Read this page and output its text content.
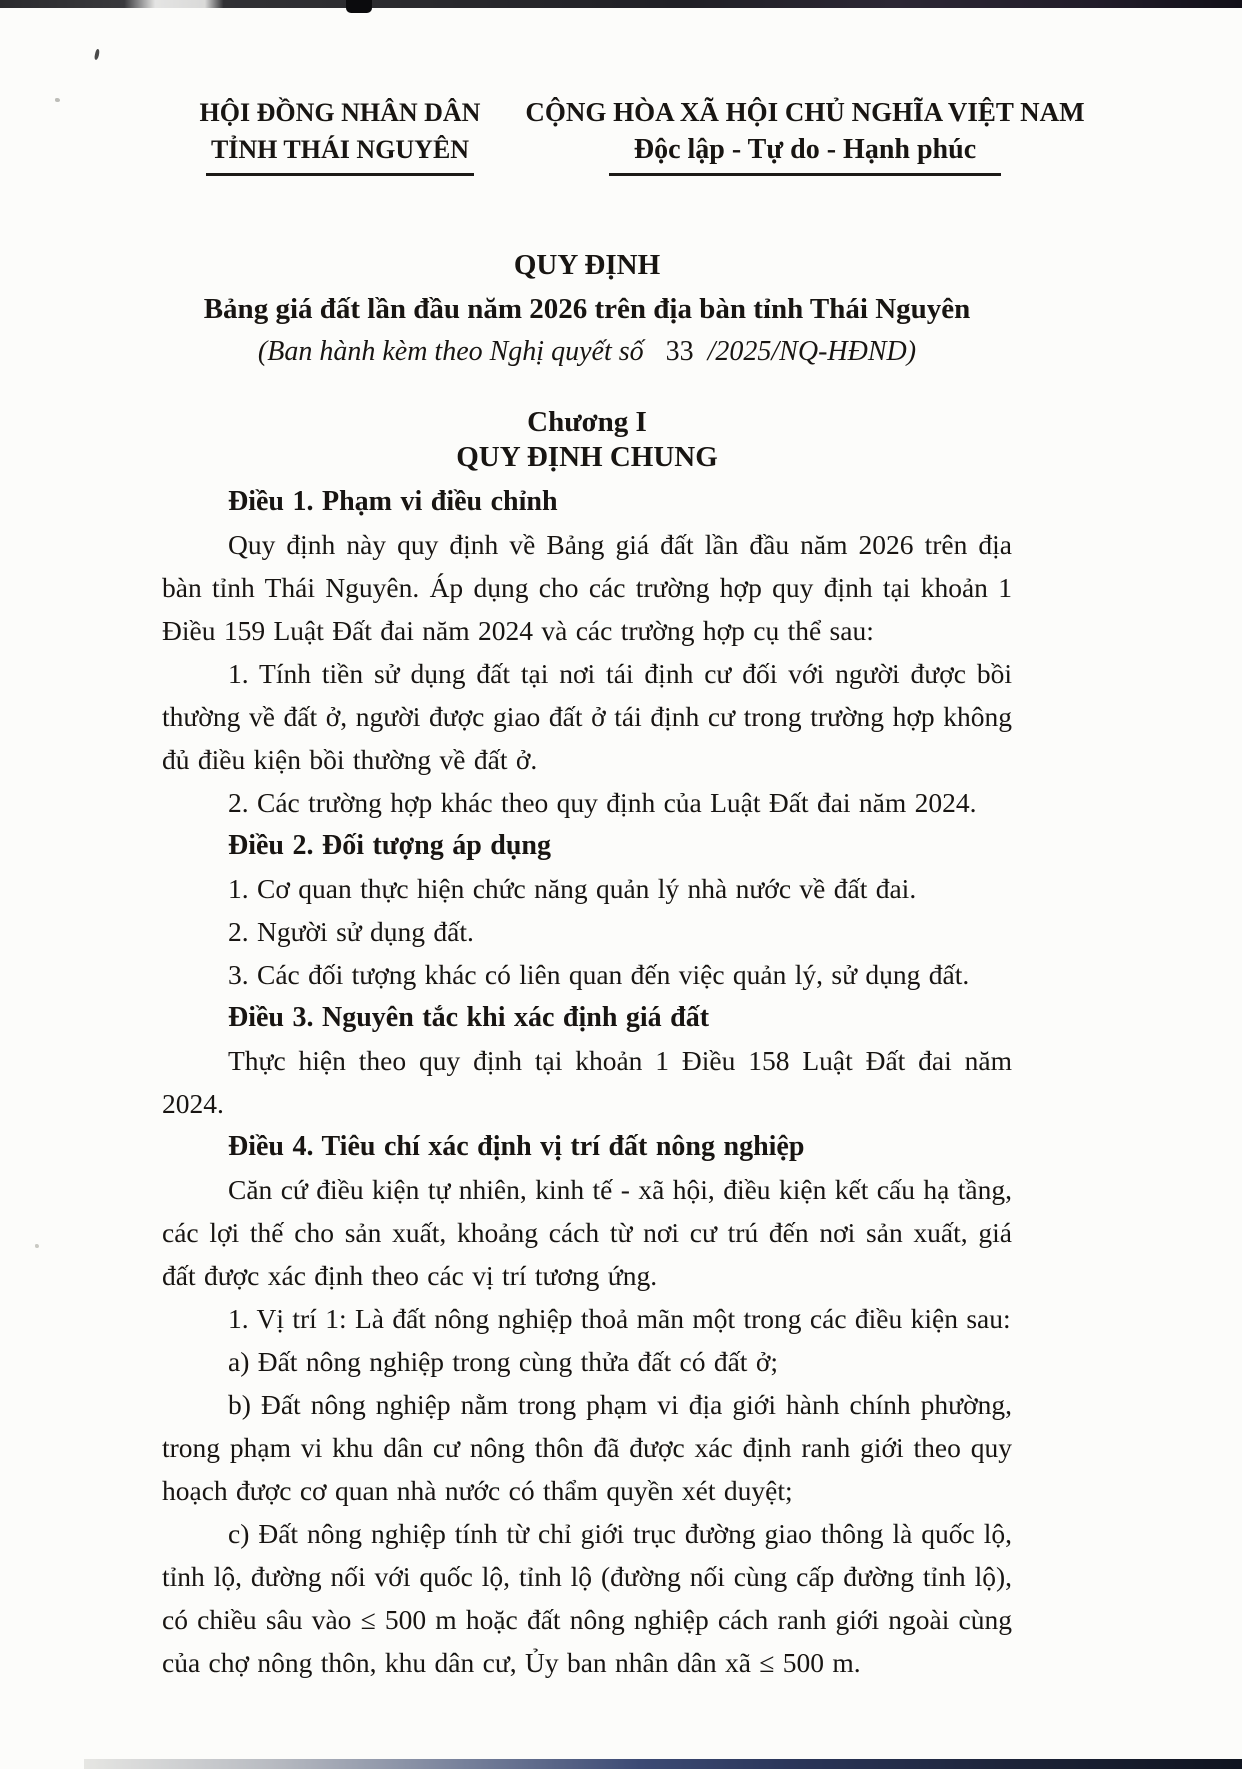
HỘI ĐỒNG NHÂN DÂN
TỈNH THÁI NGUYÊN
CỘNG HÒA XÃ HỘI CHỦ NGHĨA VIỆT NAM
Độc lập - Tự do - Hạnh phúc
QUY ĐỊNH
Bảng giá đất lần đầu năm 2026 trên địa bàn tỉnh Thái Nguyên
(Ban hành kèm theo Nghị quyết số 33 /2025/NQ-HĐND)
Chương I
QUY ĐỊNH CHUNG
Điều 1. Phạm vi điều chỉnh

Quy định này quy định về Bảng giá đất lần đầu năm 2026 trên địa bàn tỉnh Thái Nguyên. Áp dụng cho các trường hợp quy định tại khoản 1 Điều 159 Luật Đất đai năm 2024 và các trường hợp cụ thể sau:

1. Tính tiền sử dụng đất tại nơi tái định cư đối với người được bồi thường về đất ở, người được giao đất ở tái định cư trong trường hợp không đủ điều kiện bồi thường về đất ở.

2. Các trường hợp khác theo quy định của Luật Đất đai năm 2024.

Điều 2. Đối tượng áp dụng

1. Cơ quan thực hiện chức năng quản lý nhà nước về đất đai.

2. Người sử dụng đất.

3. Các đối tượng khác có liên quan đến việc quản lý, sử dụng đất.

Điều 3. Nguyên tắc khi xác định giá đất

Thực hiện theo quy định tại khoản 1 Điều 158 Luật Đất đai năm 2024.

Điều 4. Tiêu chí xác định vị trí đất nông nghiệp

Căn cứ điều kiện tự nhiên, kinh tế - xã hội, điều kiện kết cấu hạ tầng, các lợi thế cho sản xuất, khoảng cách từ nơi cư trú đến nơi sản xuất, giá đất được xác định theo các vị trí tương ứng.

1. Vị trí 1: Là đất nông nghiệp thoả mãn một trong các điều kiện sau:

a) Đất nông nghiệp trong cùng thửa đất có đất ở;

b) Đất nông nghiệp nằm trong phạm vi địa giới hành chính phường, trong phạm vi khu dân cư nông thôn đã được xác định ranh giới theo quy hoạch được cơ quan nhà nước có thẩm quyền xét duyệt;

c) Đất nông nghiệp tính từ chỉ giới trục đường giao thông là quốc lộ, tỉnh lộ, đường nối với quốc lộ, tỉnh lộ (đường nối cùng cấp đường tỉnh lộ), có chiều sâu vào ≤ 500 m hoặc đất nông nghiệp cách ranh giới ngoài cùng của chợ nông thôn, khu dân cư, Ủy ban nhân dân xã ≤ 500 m.
